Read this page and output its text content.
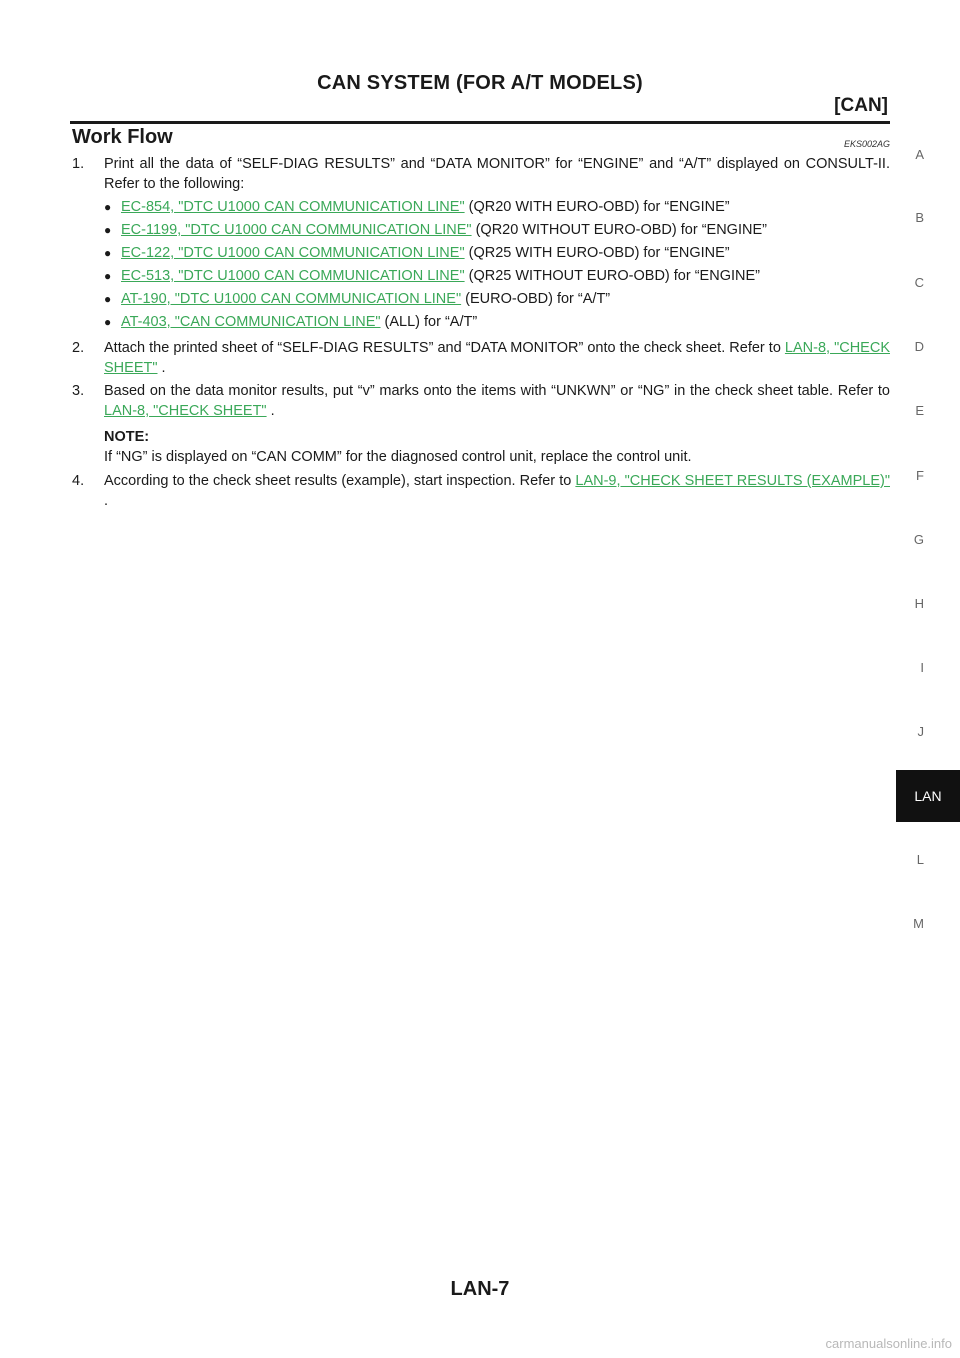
CAN SYSTEM (FOR A/T MODELS)
[CAN]
Work Flow	EKS002AG
1.	Print all the data of “SELF-DIAG RESULTS” and “DATA MONITOR” for “ENGINE” and “A/T” displayed on CONSULT-II. Refer to the following:
● EC-854, "DTC U1000 CAN COMMUNICATION LINE" (QR20 WITH EURO-OBD) for “ENGINE”
● EC-1199, "DTC U1000 CAN COMMUNICATION LINE" (QR20 WITHOUT EURO-OBD) for “ENGINE”
● EC-122, "DTC U1000 CAN COMMUNICATION LINE" (QR25 WITH EURO-OBD) for “ENGINE”
● EC-513, "DTC U1000 CAN COMMUNICATION LINE" (QR25 WITHOUT EURO-OBD) for “ENGINE”
● AT-190, "DTC U1000 CAN COMMUNICATION LINE" (EURO-OBD) for “A/T”
● AT-403, "CAN COMMUNICATION LINE" (ALL) for “A/T”
2.	Attach the printed sheet of “SELF-DIAG RESULTS” and “DATA MONITOR” onto the check sheet. Refer to LAN-8, "CHECK SHEET" .
3.	Based on the data monitor results, put “v” marks onto the items with “UNKWN” or “NG” in the check sheet table. Refer to LAN-8, "CHECK SHEET" .
NOTE:
If “NG” is displayed on “CAN COMM” for the diagnosed control unit, replace the control unit.
4.	According to the check sheet results (example), start inspection. Refer to LAN-9, "CHECK SHEET RESULTS (EXAMPLE)" .
A
B
C
D
E
F
G
H
I
J
L
M
LAN
LAN-7
carmanualsonline.info
